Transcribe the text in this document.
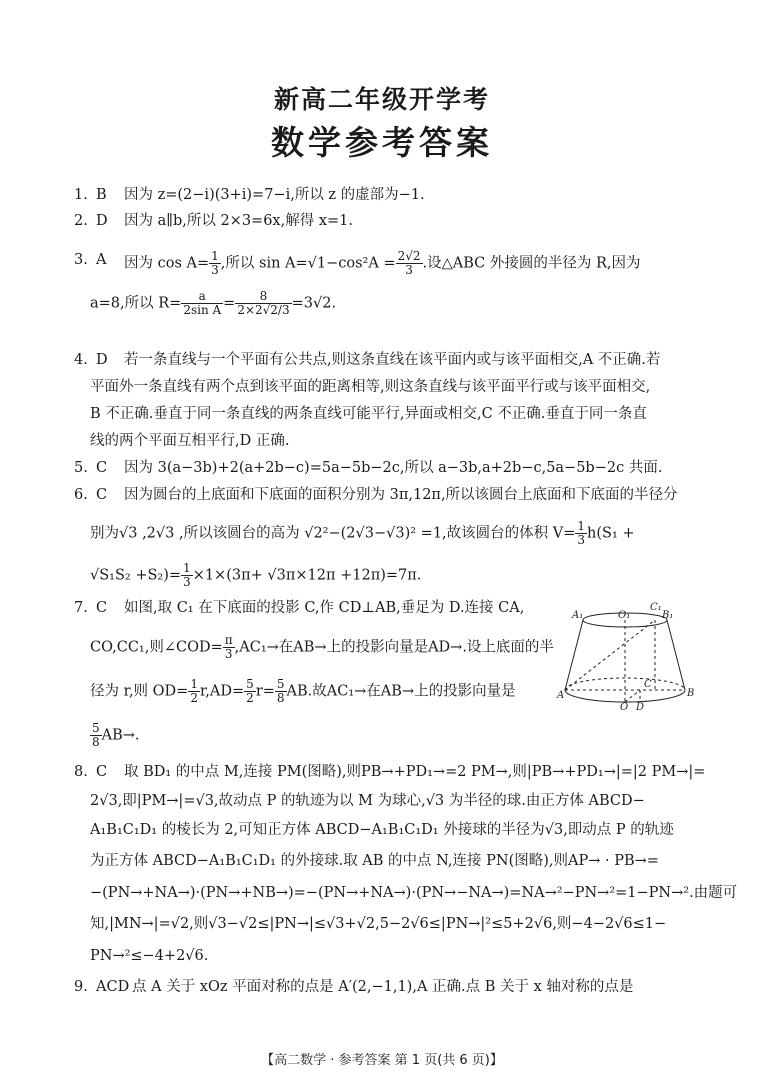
新高二年级开学考
数学参考答案
1. B 因为 z=(2−i)(3+i)=7−i,所以 z 的虚部为−1.
2. D 因为 a∥b,所以 2×3=6x,解得 x=1.
3. A 因为 $\cos A= \frac{1}{3}$ ,所以 $\sin A=√1-\cos^2A = \frac{2√2}{3}$ .设△ABC 外接圆的半径为 R,因为
a=8,所以 $R= \frac{a}{\text{2sin A}} = \frac{8}{2\times 2√2/3} =3√2$.
4. D 若一条直线与一个平面有公共点,则这条直线在该平面内或与该平面相交,A 不正确.若
平面外一条直线有两个点到该平面的距离相等,则这条直线与该平面平行或与该平面相交,
B 不正确.垂直于同一条直线的两条直线可能平行,异面或相交,C 不正确.垂直于同一条直
线的两个平面互相平行,D 正确.
5. C 因为 3(a−3b)+2(a+2b−c)=5a−5b−2c,所以 a−3b,a+2b−c,5a−5b−2c 共面.
6. C 因为圆台的上底面和下底面的面积分别为 3π,12π,所以该圆台上底面和下底面的半径分
别为√3 ,2√3 ,所以该圆台的高为 √2²−(2√3−√3)² =1,故该圆台的体积 $V= \frac{1}{3} h(S_1$ +
$√S_1S_2 +S_2)= \frac{1}{3} \times 1\times(3\pi+ √3\pi\times 12\pi +12\pi)=7\pi$.
7. C 如图,取 C₁ 在下底面的投影 C,作 CD⊥AB,垂足为 D.连接 CA,
CO,CC₁,则∠COD= $\frac{\pi}{3} ,AC_1\to$在AB→上的投影向量是AD→.设上底面的半
径为 r,则 $OD= \frac{1}{2} r,AD= \frac{5}{2} r= \frac{5}{8}$ AB.故AC₁→在AB→上的投影向量是
$\frac{5}{8} AB\to$.
A₁	O₁
C₁
B₁
A	B
C
O D
8. C 取 BD₁ 的中点 M,连接 PM(图略),则PB→+PD₁→=2 PM→,则|PB→+PD₁→|=|2 PM→|=
2√3,即|PM→|=√3,故动点 P 的轨迹为以 M 为球心,√3 为半径的球.由正方体 ABCD−
A₁B₁C₁D₁ 的棱长为 2,可知正方体 ABCD−A₁B₁C₁D₁ 外接球的半径为√3,即动点 P 的轨迹
为正方体 ABCD−A₁B₁C₁D₁ 的外接球.取 AB 的中点 N,连接 PN(图略),则AP→ · PB→=
−(PN→+NA→)·(PN→+NB→)=−(PN→+NA→)·(PN→−NA→)=NA→²−PN→²=1−PN→².由题可
知,|MN→|=√2,则√3−√2≤|PN→|≤√3+√2,5−2√6≤|PN→|²≤5+2√6,则−4−2√6≤1−
PN→²≤−4+2√6.
9. ACD 点 A 关于 xOz 平面对称的点是 A′(2,−1,1),A 正确.点 B 关于 x 轴对称的点是
【高二数学 · 参考答案 第 1 页(共 6 页)】
